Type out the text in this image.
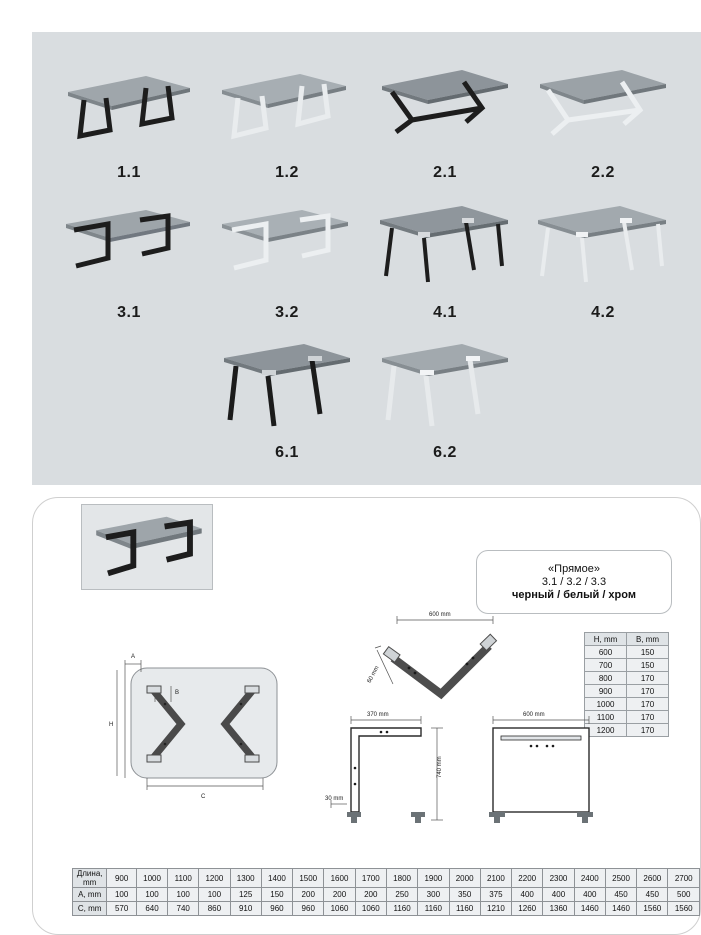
1.1	1.2	2.1	2.2
3.1	3.2	4.1	4.2
6.1	6.2
«Прямое»
3.1 / 3.2 / 3.3
черный / белый / хром
H, mm	B, mm
600	150
700	150
800	170
900	170
1000	170
1100	170
1200	170
A
B
H
C
600 mm
60 mm
370 mm
740 mm
30 mm
600 mm
Длина, mm	900	1000	1100	1200	1300	1400	1500	1600	1700	1800	1900	2000	2100	2200	2300	2400	2500	2600	2700
A, mm	100	100	100	100	125	150	200	200	200	250	300	350	375	400	400	400	450	450	500
C, mm	570	640	740	860	910	960	960	1060	1060	1160	1160	1160	1210	1260	1360	1460	1460	1560	1560
